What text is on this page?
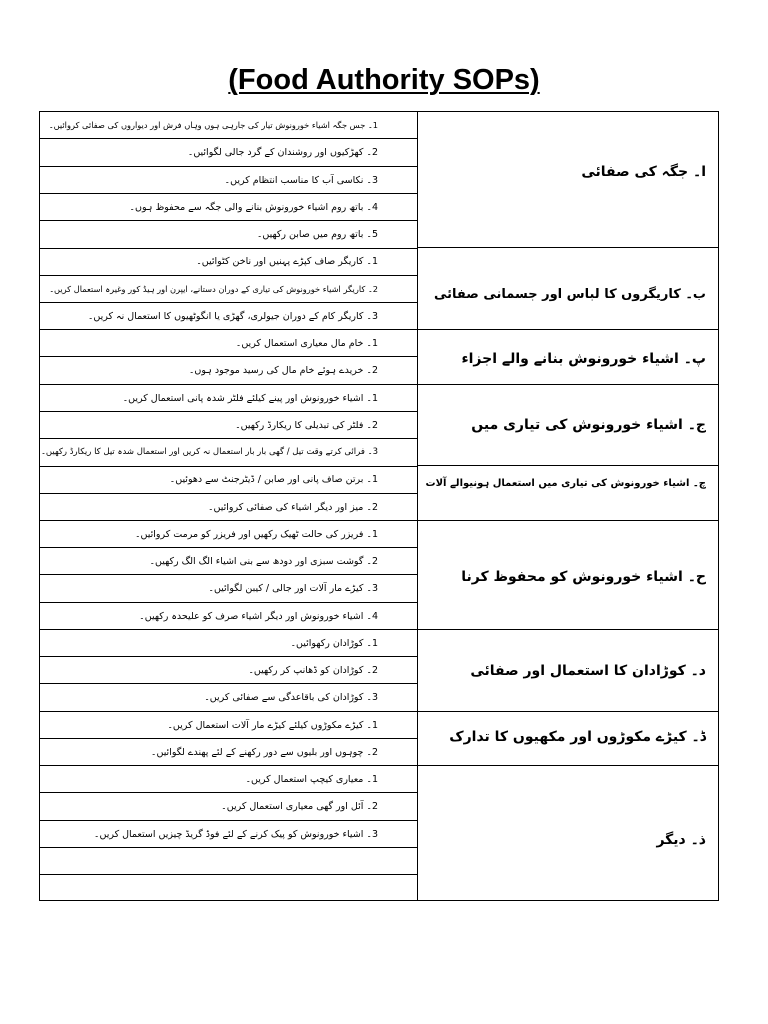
(Food Authority SOPs)
1۔ جس جگہ اشیاء خورونوش تیار کی جارہی ہوں وہاں فرش اور دیواروں کی صفائی کروائیں۔
2۔ کھڑکیوں اور روشندان کے گرد جالی لگوائیں۔
3۔ نکاسی آب کا مناسب انتظام کریں۔
4۔ باتھ روم اشیاء خورونوش بنانے والی جگہ سے محفوظ ہوں۔
5۔ باتھ روم میں صابن رکھیں۔
1۔ کاریگر صاف کپڑے پہنیں اور ناخن کٹوائیں۔
2۔ کاریگر اشیاء خورونوش کی تیاری کے دوران دستانے، ایپرن اور ہیڈ کور وغیرہ استعمال کریں۔
3۔ کاریگر کام کے دوران جیولری، گھڑی یا انگوٹھیوں کا استعمال نہ کریں۔
1۔ خام مال معیاری استعمال کریں۔
2۔ خریدے ہوئے خام مال کی رسید موجود ہوں۔
1۔ اشیاء خورونوش اور پینے کیلئے فلٹر شدہ پانی استعمال کریں۔
2۔ فلٹر کی تبدیلی کا ریکارڈ رکھیں۔
3۔ فرائی کرتے وقت تیل / گھی بار بار استعمال نہ کریں اور استعمال شدہ تیل کا ریکارڈ رکھیں۔
1۔ برتن صاف پانی اور صابن / ڈیٹرجنٹ سے دھوئیں۔
2۔ میز اور دیگر اشیاء کی صفائی کروائیں۔
1۔ فریزر کی حالت ٹھیک رکھیں اور فریزر کو مرمت کروائیں۔
2۔ گوشت سبزی اور دودھ سے بنی اشیاء الگ الگ رکھیں۔
3۔ کیڑے مار آلات اور جالی / کیبن لگوائیں۔
4۔ اشیاء خورونوش اور دیگر اشیاء صرف کو علیحدہ رکھیں۔
1۔ کوڑادان رکھوائیں۔
2۔ کوڑادان کو ڈھانپ کر رکھیں۔
3۔ کوڑادان کی باقاعدگی سے صفائی کریں۔
1۔ کیڑے مکوڑوں کیلئے کیڑے مار آلات استعمال کریں۔
2۔ چوہوں اور بلیوں سے دور رکھنے کے لئے پھندے لگوائیں۔
1۔ معیاری کیچپ استعمال کریں۔
2۔ آئل اور گھی معیاری استعمال کریں۔
3۔ اشیاء خورونوش کو پیک کرنے کے لئے فوڈ گریڈ چیزیں استعمال کریں۔
ا۔ جگہ کی صفائی
ب۔ کاریگروں کا لباس اور جسمانی صفائی
پ۔ اشیاء خورونوش بنانے والے اجزاء
ج۔ اشیاء خورونوش کی تیاری میں
چ۔ اشیاء خورونوش کی تیاری میں استعمال ہونیوالے آلات
ح۔ اشیاء خورونوش کو محفوظ کرنا
د۔ کوڑادان کا استعمال اور صفائی
ڈ۔ کیڑے مکوڑوں اور مکھیوں کا تدارک
ذ۔ دیگر
